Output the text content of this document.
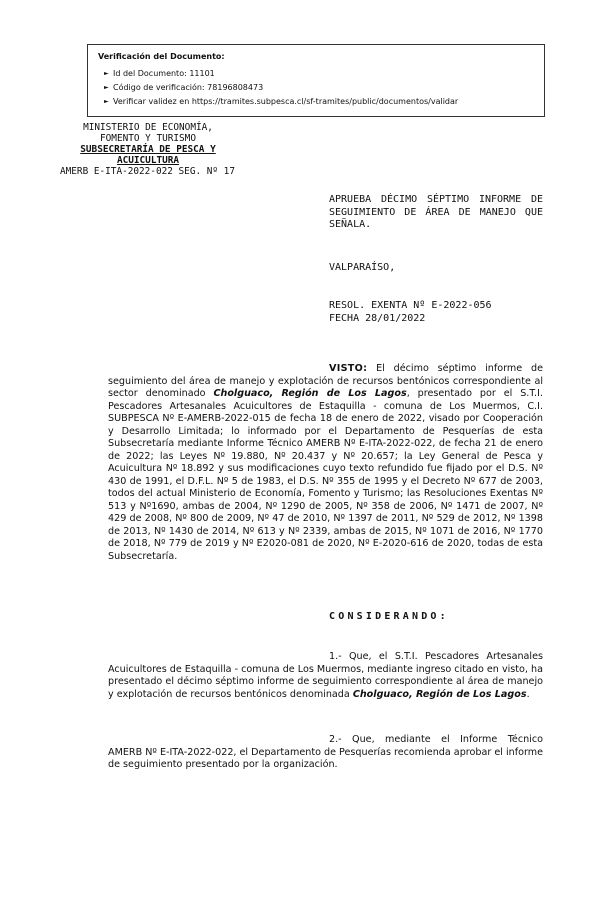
Verificación del Documento:
► Id del Documento: 11101
► Código de verificación: 78196808473
► Verificar validez en https://tramites.subpesca.cl/sf-tramites/public/documentos/validar
MINISTERIO DE ECONOMÍA,
FOMENTO Y TURISMO
SUBSECRETARÍA DE PESCA Y
ACUICULTURA
AMERB E-ITA-2022-022 SEG. Nº 17
APRUEBA DÉCIMO SÉPTIMO INFORME DE SEGUIMIENTO DE ÁREA DE MANEJO QUE SEÑALA.
VALPARAÍSO,
RESOL. EXENTA Nº E-2022-056
FECHA 28/01/2022
VISTO: El décimo séptimo informe de seguimiento del área de manejo y explotación de recursos bentónicos correspondiente al sector denominado Cholguaco, Región de Los Lagos, presentado por el S.T.I. Pescadores Artesanales Acuicultores de Estaquilla - comuna de Los Muermos, C.I. SUBPESCA Nº E-AMERB-2022-015 de fecha 18 de enero de 2022, visado por Cooperación y Desarrollo Limitada; lo informado por el Departamento de Pesquerías de esta Subsecretaría mediante Informe Técnico AMERB Nº E-ITA-2022-022, de fecha 21 de enero de 2022; las Leyes Nº 19.880, Nº 20.437 y Nº 20.657; la Ley General de Pesca y Acuicultura Nº 18.892 y sus modificaciones cuyo texto refundido fue fijado por el D.S. Nº 430 de 1991, el D.F.L. Nº 5 de 1983, el D.S. Nº 355 de 1995 y el Decreto Nº 677 de 2003, todos del actual Ministerio de Economía, Fomento y Turismo; las Resoluciones Exentas Nº 513 y Nº1690, ambas de 2004, Nº 1290 de 2005, Nº 358 de 2006, Nº 1471 de 2007, Nº 429 de 2008, Nº 800 de 2009, Nº 47 de 2010, Nº 1397 de 2011, Nº 529 de 2012, Nº 1398 de 2013, Nº 1430 de 2014, Nº 613 y Nº 2339, ambas de 2015, Nº 1071 de 2016, Nº 1770 de 2018, Nº 779 de 2019 y Nº E2020-081 de 2020, Nº E-2020-616 de 2020, todas de esta Subsecretaría.
CONSIDERANDO:
1.- Que, el S.T.I. Pescadores Artesanales Acuicultores de Estaquilla - comuna de Los Muermos, mediante ingreso citado en visto, ha presentado el décimo séptimo informe de seguimiento correspondiente al área de manejo y explotación de recursos bentónicos denominada Cholguaco, Región de Los Lagos.
2.- Que, mediante el Informe Técnico AMERB Nº E-ITA-2022-022, el Departamento de Pesquerías recomienda aprobar el informe de seguimiento presentado por la organización.
